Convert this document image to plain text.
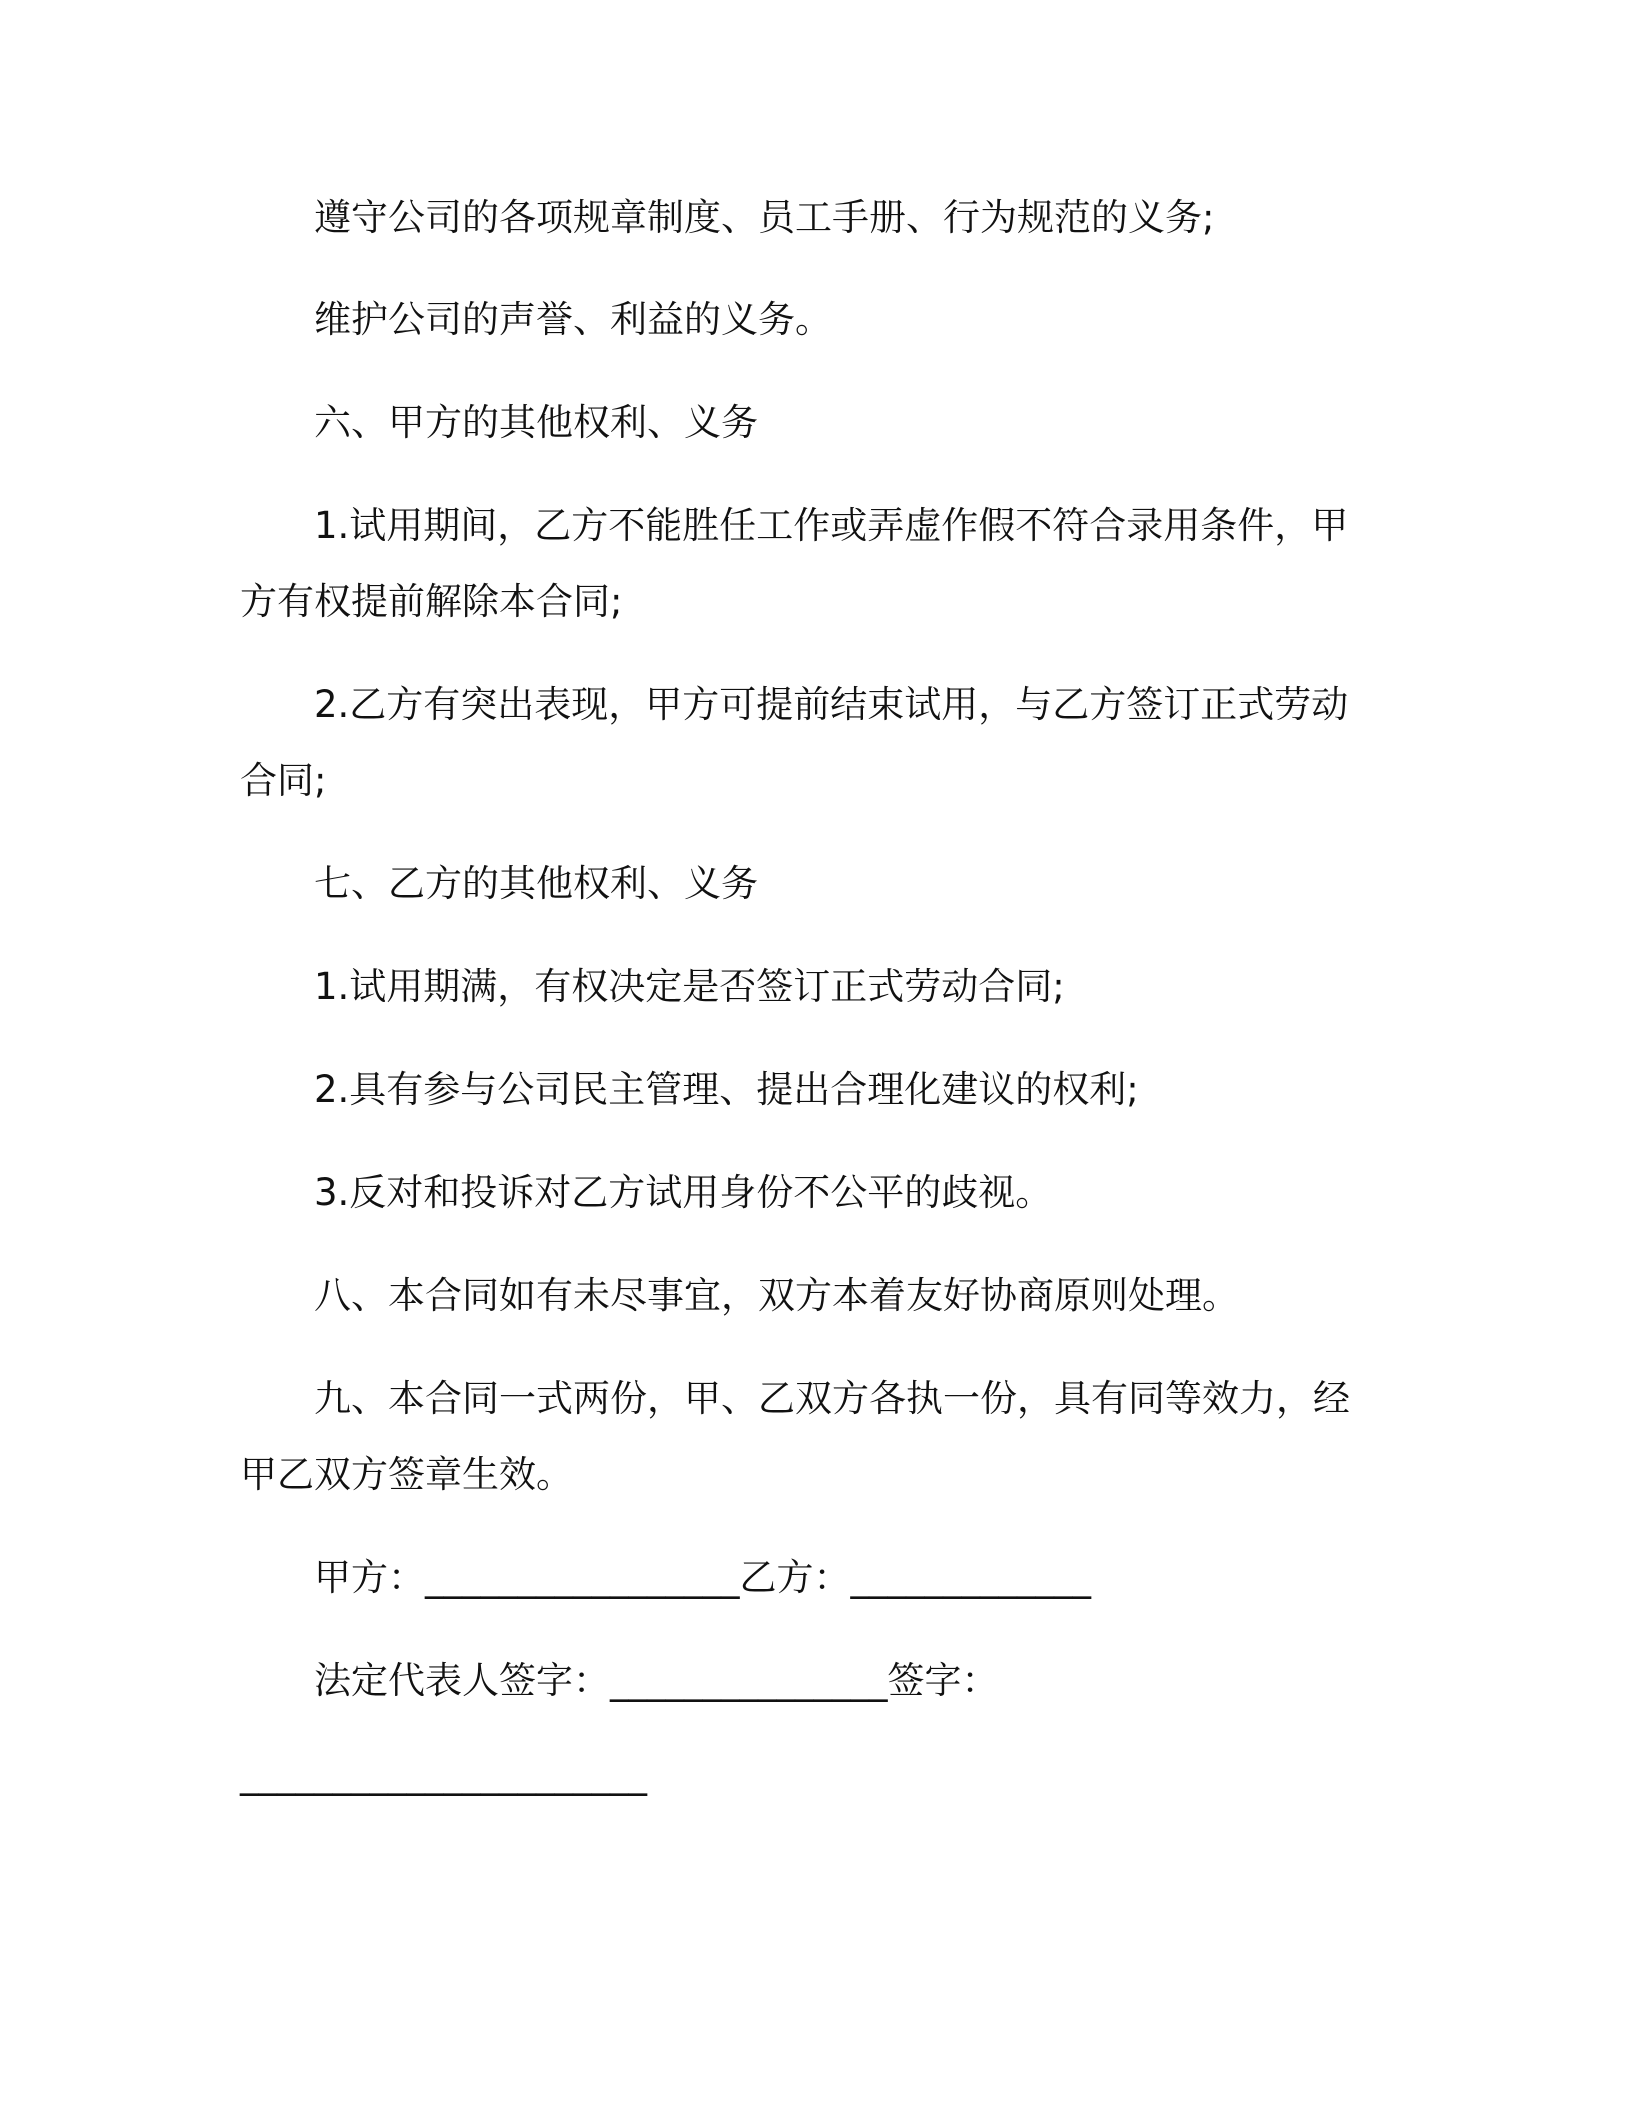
遵守公司的各项规章制度、员工手册、行为规范的义务;
维护公司的声誉、利益的义务。
六、甲方的其他权利、义务
1.试用期间，乙方不能胜任工作或弄虚作假不符合录用条件，甲
方有权提前解除本合同;
2.乙方有突出表现，甲方可提前结束试用，与乙方签订正式劳动
合同;
七、乙方的其他权利、义务
1.试用期满，有权决定是否签订正式劳动合同;
2.具有参与公司民主管理、提出合理化建议的权利;
3.反对和投诉对乙方试用身份不公平的歧视。
八、本合同如有未尽事宜，双方本着友好协商原则处理。
九、本合同一式两份，甲、乙双方各执一份，具有同等效力，经
甲乙双方签章生效。
甲方：_________________乙方：_____________
法定代表人签字：_______________签字：
______________________
